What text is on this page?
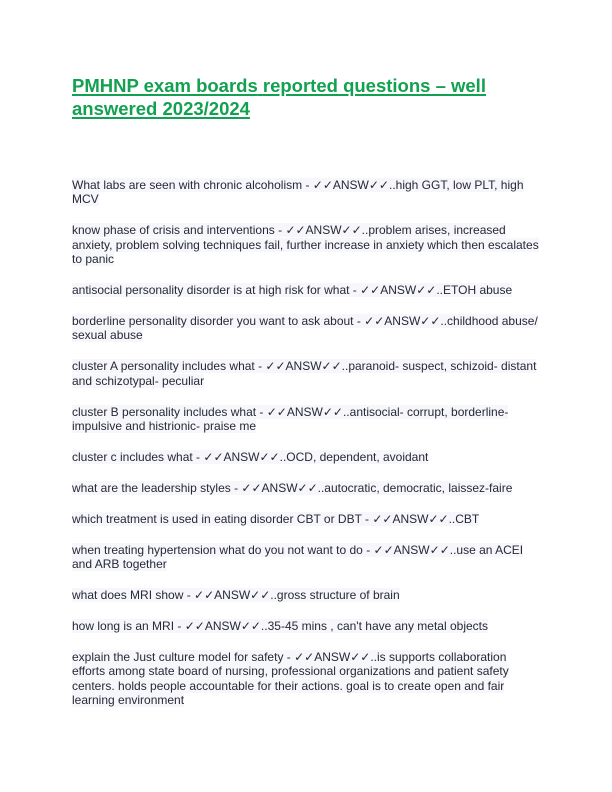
PMHNP exam boards reported questions – well answered 2023/2024
What labs are seen with chronic alcoholism - ✓✓ANSW✓✓..high GGT, low PLT, high MCV
know phase of crisis and interventions - ✓✓ANSW✓✓..problem arises, increased anxiety, problem solving techniques fail, further increase in anxiety which then escalates to panic
antisocial personality disorder is at high risk for what - ✓✓ANSW✓✓..ETOH abuse
borderline personality disorder you want to ask about - ✓✓ANSW✓✓..childhood abuse/ sexual abuse
cluster A personality includes what - ✓✓ANSW✓✓..paranoid- suspect, schizoid- distant and schizotypal- peculiar
cluster B personality includes what - ✓✓ANSW✓✓..antisocial- corrupt, borderline- impulsive and histrionic- praise me
cluster c includes what - ✓✓ANSW✓✓..OCD, dependent, avoidant
what are the leadership styles - ✓✓ANSW✓✓..autocratic, democratic, laissez-faire
which treatment is used in eating disorder CBT or DBT - ✓✓ANSW✓✓..CBT
when treating hypertension what do you not want to do - ✓✓ANSW✓✓..use an ACEI and ARB together
what does MRI show - ✓✓ANSW✓✓..gross structure of brain
how long is an MRI - ✓✓ANSW✓✓..35-45 mins , can't have any metal objects
explain the Just culture model for safety - ✓✓ANSW✓✓..is supports collaboration efforts among state board of nursing, professional organizations and patient safety centers. holds people accountable for their actions. goal is to create open and fair learning environment
